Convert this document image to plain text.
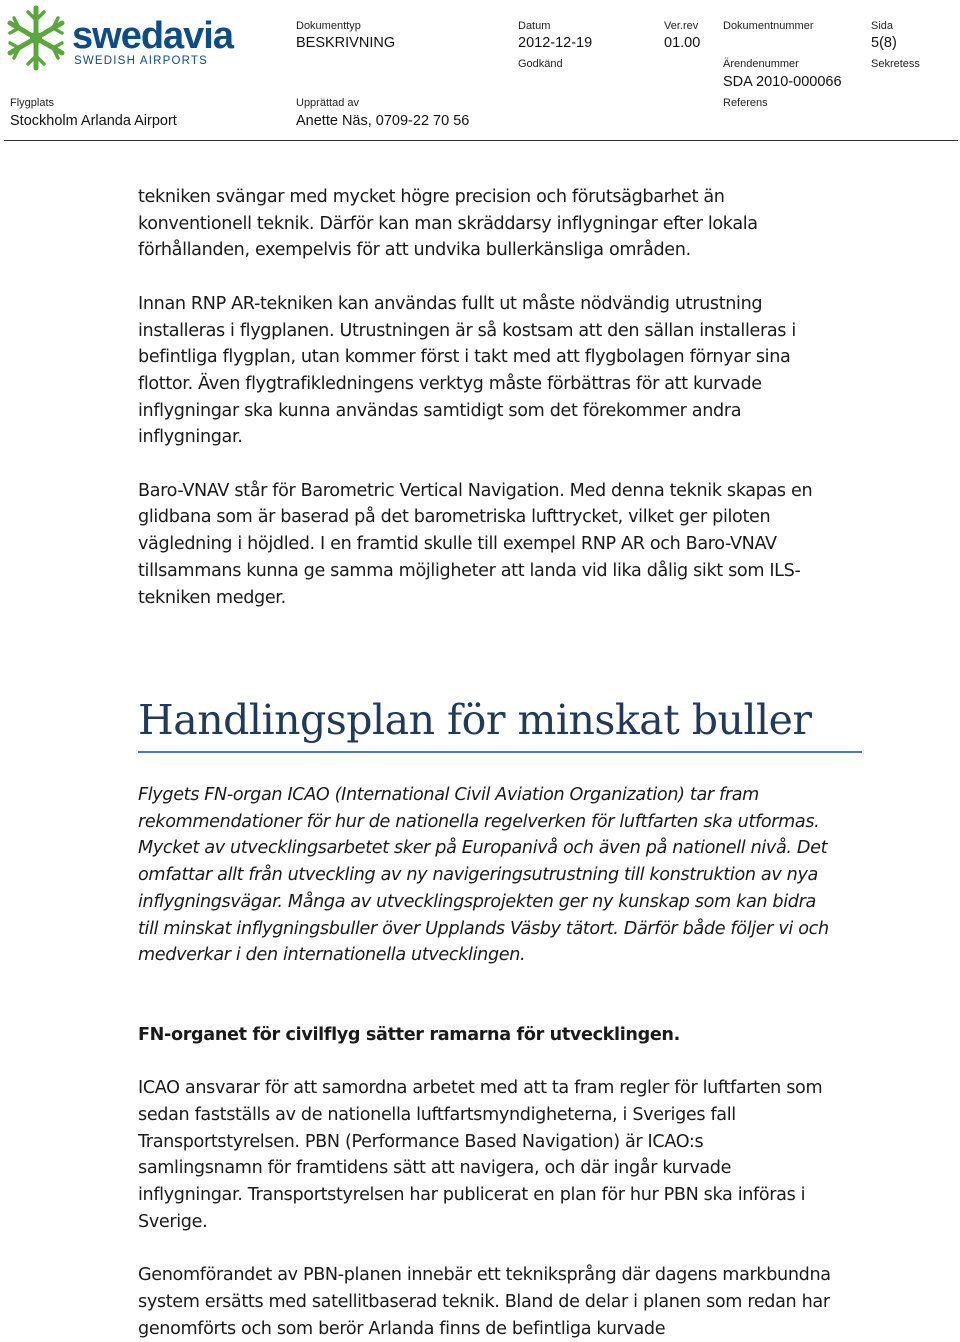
swedavia
SWEDISH AIRPORTS
Dokumenttyp
BESKRIVNING
Datum
2012-12-19
Ver.rev
01.00
Dokumentnummer	Sida
5(8)
Godkänd	Ärendenummer
SDA 2010-000066
Sekretess
Flygplats
Stockholm Arlanda Airport
Upprättad av
Anette Näs, 0709-22 70 56
Referens

tekniken svängar med mycket högre precision och förutsägbarhet än
konventionell teknik. Därför kan man skräddarsy inflygningar efter lokala
förhållanden, exempelvis för att undvika bullerkänsliga områden.

Innan RNP AR-tekniken kan användas fullt ut måste nödvändig utrustning
installeras i flygplanen. Utrustningen är så kostsam att den sällan installeras i
befintliga flygplan, utan kommer först i takt med att flygbolagen förnyar sina
flottor. Även flygtrafikledningens verktyg måste förbättras för att kurvade
inflygningar ska kunna användas samtidigt som det förekommer andra
inflygningar.

Baro-VNAV står för Barometric Vertical Navigation. Med denna teknik skapas en
glidbana som är baserad på det barometriska lufttrycket, vilket ger piloten
vägledning i höjdled. I en framtid skulle till exempel RNP AR och Baro-VNAV
tillsammans kunna ge samma möjligheter att landa vid lika dålig sikt som ILS-
tekniken medger.

Handlingsplan för minskat buller

Flygets FN-organ ICAO (International Civil Aviation Organization) tar fram
rekommendationer för hur de nationella regelverken för luftfarten ska utformas.
Mycket av utvecklingsarbetet sker på Europanivå och även på nationell nivå. Det
omfattar allt från utveckling av ny navigeringsutrustning till konstruktion av nya
inflygningsvägar. Många av utvecklingsprojekten ger ny kunskap som kan bidra
till minskat inflygningsbuller över Upplands Väsby tätort. Därför både följer vi och
medverkar i den internationella utvecklingen.

FN-organet för civilflyg sätter ramarna för utvecklingen.

ICAO ansvarar för att samordna arbetet med att ta fram regler för luftfarten som
sedan fastställs av de nationella luftfartsmyndigheterna, i Sveriges fall
Transportstyrelsen. PBN (Performance Based Navigation) är ICAO:s
samlingsnamn för framtidens sätt att navigera, och där ingår kurvade
inflygningar. Transportstyrelsen har publicerat en plan för hur PBN ska införas i
Sverige.

Genomförandet av PBN-planen innebär ett tekniksprång där dagens markbundna
system ersätts med satellitbaserad teknik. Bland de delar i planen som redan har
genomförts och som berör Arlanda finns de befintliga kurvade
